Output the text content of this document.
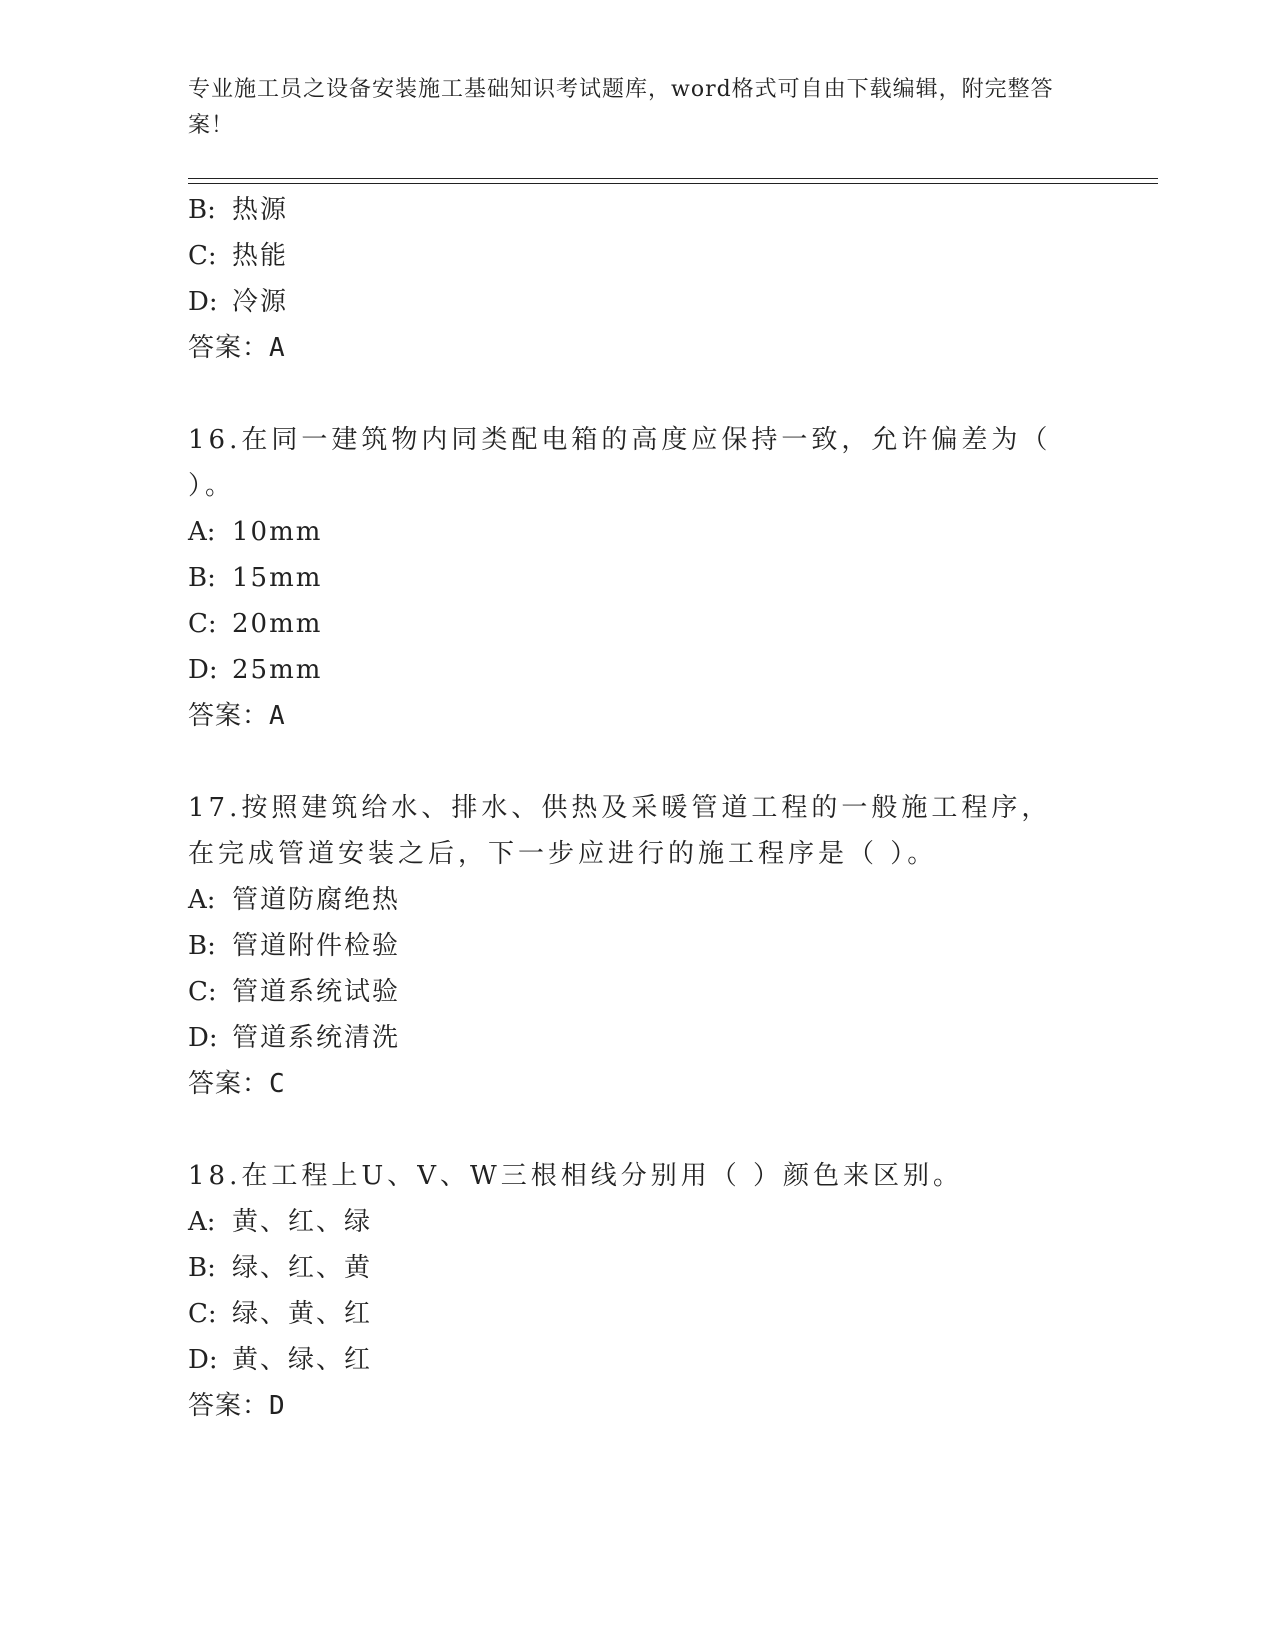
专业施工员之设备安装施工基础知识考试题库，word格式可自由下载编辑，附完整答案！
B: 热源
C: 热能
D: 冷源
答案：A
16.在同一建筑物内同类配电箱的高度应保持一致，允许偏差为（ ）。
A: 10mm
B: 15mm
C: 20mm
D: 25mm
答案：A
17.按照建筑给水、排水、供热及采暖管道工程的一般施工程序，在完成管道安装之后，下一步应进行的施工程序是（ ）。
A: 管道防腐绝热
B: 管道附件检验
C: 管道系统试验
D: 管道系统清洗
答案：C
18.在工程上U、V、W三根相线分别用（ ）颜色来区别。
A: 黄、红、绿
B: 绿、红、黄
C: 绿、黄、红
D: 黄、绿、红
答案：D
